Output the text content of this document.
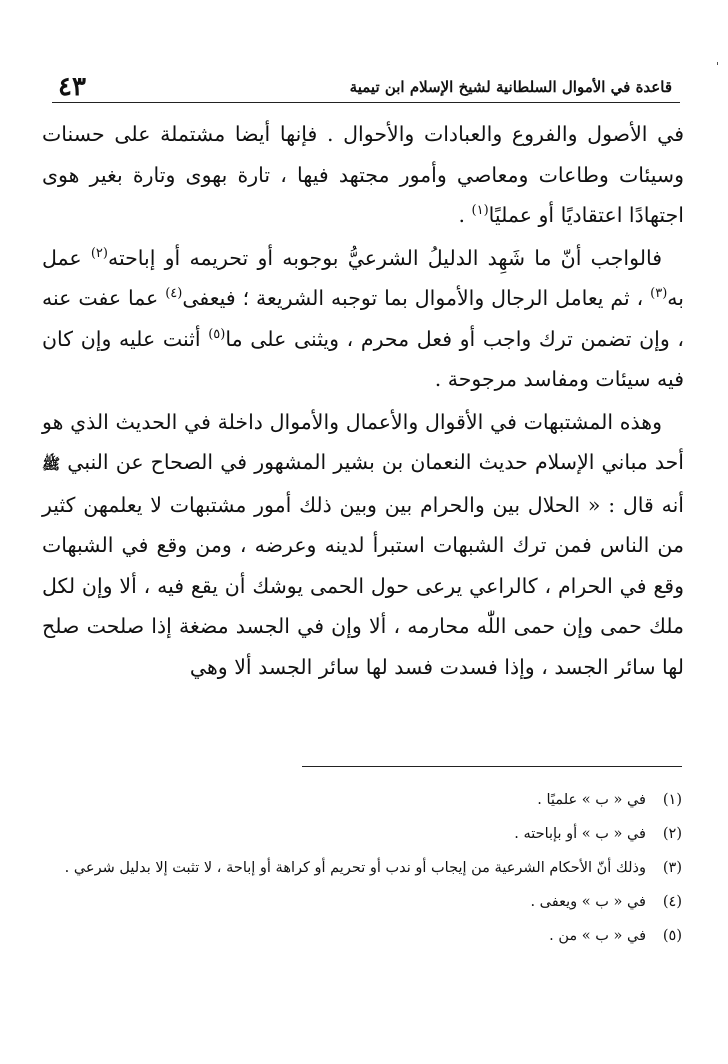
'
قاعدة في الأموال السلطانية لشيخ الإسلام ابن تيمية
٤٣

في الأصول والفروع والعبادات والأحوال . فإنها أيضا مشتملة على حسنات وسيئات وطاعات ومعاصي وأمور مجتهد فيها ، تارة بهوى وتارة بغير هوى اجتهادًا اعتقاديًا أو عمليًا$^{(١)}$ .

فالواجب أنّ ما شَهِد الدليلُ الشرعيُّ بوجوبه أو تحريمه أو إباحته$^{(٢)}$ عمل به$^{(٣)}$ ، ثم يعامل الرجال والأموال بما توجبه الشريعة ؛ فيعفى$^{(٤)}$ عما عفت عنه ، وإن تضمن ترك واجب أو فعل محرم ، ويثنى على ما$^{(٥)}$ أثنت عليه وإن كان فيه سيئات ومفاسد مرجوحة .

وهذه المشتبهات في الأقوال والأعمال والأموال داخلة في الحديث الذي هو أحد مباني الإسلام حديث النعمان بن بشير المشهور في الصحاح عن النبي ﷺ أنه قال : « الحلال بين والحرام بين وبين ذلك أمور مشتبهات لا يعلمهن كثير من الناس فمن ترك الشبهات استبرأ لدينه وعرضه ، ومن وقع في الشبهات وقع في الحرام ، كالراعي يرعى حول الحمى يوشك أن يقع فيه ، ألا وإن لكل ملك حمى وإن حمى اللّٰه محارمه ، ألا وإن في الجسد مضغة إذا صلحت صلح لها سائر الجسد ، وإذا فسدت فسد لها سائر الجسد ألا وهي

(١)في « ب » علميًا .

(٢)في « ب » أو بإباحته .

(٣)وذلك أنّ الأحكام الشرعية من إيجاب أو ندب أو تحريم أو كراهة أو إباحة ، لا تثبت إلا بدليل شرعي .

(٤)في « ب » ويعفى .

(٥)في « ب » من .
